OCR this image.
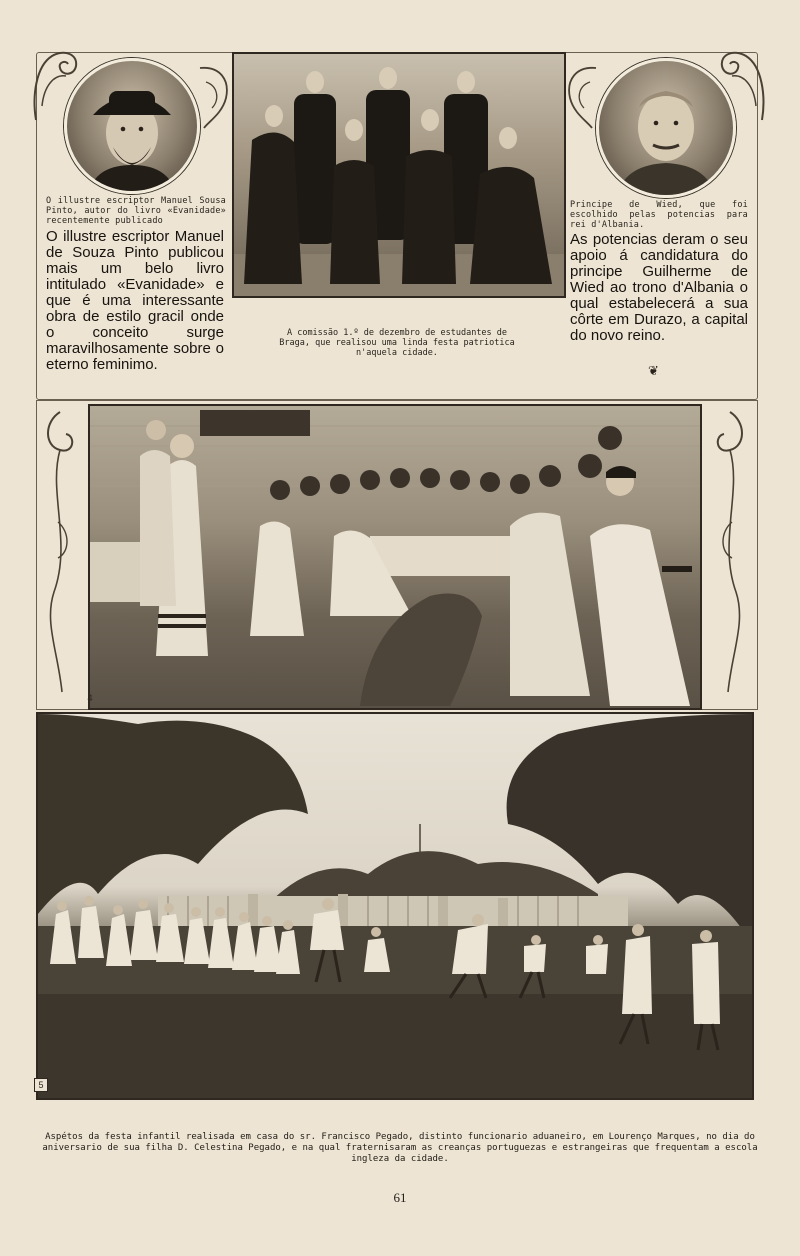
O illustre escriptor Manuel Sousa Pinto, autor do livro «Evanidade» recentemente publicado
O illustre escriptor Manuel de Souza Pinto publicou mais um belo livro intitulado «Evanidade» e que é uma interessante obra de estilo gracil onde o conceito surge maravilhosamente sobre o eterno feminimo.
A comissão 1.º de dezembro de estudantes de Braga, que realisou uma linda festa patriotica n'aquela cidade.
Principe de Wied, que foi escolhido pelas potencias para rei d'Albania.
As potencias deram o seu apoio á candidatura do principe Guilherme de Wied ao trono d'Albania o qual estabelecerá a sua côrte em Durazo, a capital do novo reino.
❦
4
5
Aspétos da festa infantil realisada em casa do sr. Francisco Pegado, distinto funcionario aduaneiro, em Lourenço Marques, no dia do aniversario de sua filha D. Celestina Pegado, e na qual fraternisaram as creanças portuguezas e estrangeiras que frequentam a escola ingleza da cidade.
61
